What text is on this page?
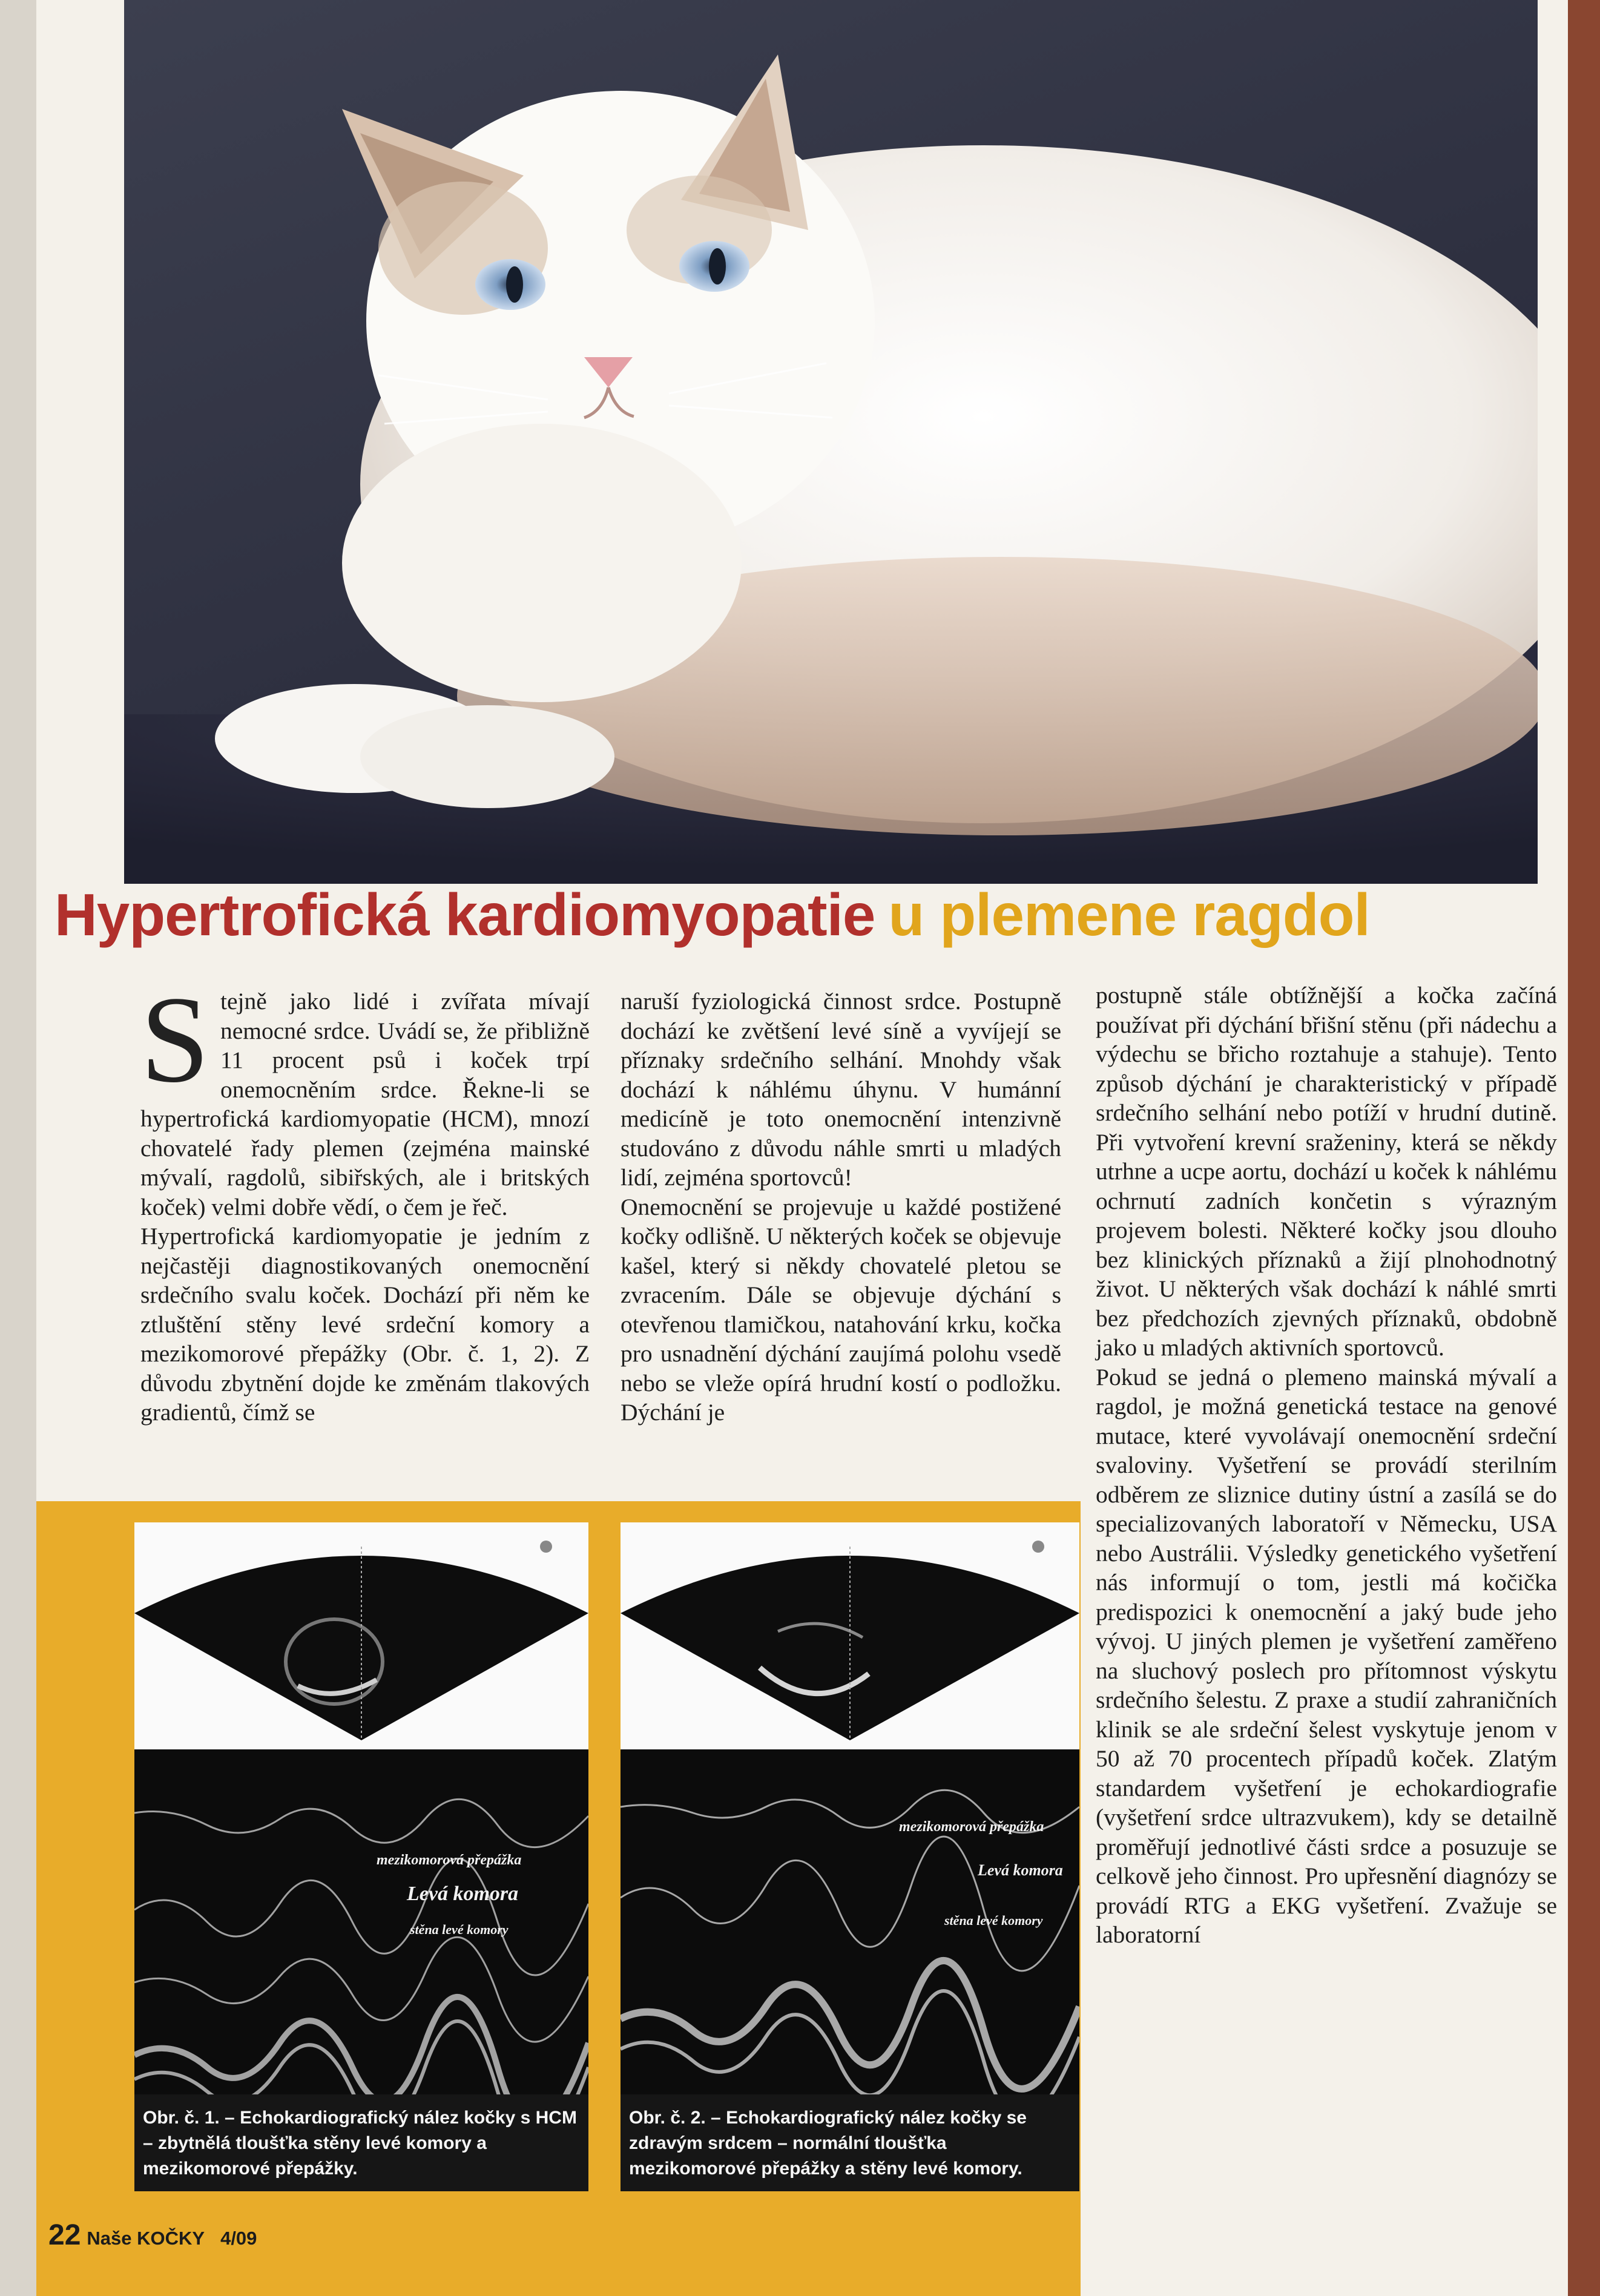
Hypertrofická kardiomyopatie u plemene ragdol

Stejně jako lidé i zvířata mívají nemocné srdce. Uvádí se, že přibližně 11 procent psů i koček trpí onemocněním srdce. Řekne-li se hypertrofická kardiomyopatie (HCM), mnozí chovatelé řady plemen (zejména mainské mývalí, ragdolů, sibiřských, ale i britských koček) velmi dobře vědí, o čem je řeč.

Hypertrofická kardiomyopatie je jedním z nejčastěji diagnostikovaných onemocnění srdečního svalu koček. Dochází při něm ke ztluštění stěny levé srdeční komory a mezikomorové přepážky (Obr. č. 1, 2). Z důvodu zbytnění dojde ke změnám tlakových gradientů, čímž se

naruší fyziologická činnost srdce. Postupně dochází ke zvětšení levé síně a vyvíjejí se příznaky srdečního selhání. Mnohdy však dochází k náhlému úhynu. V humánní medicíně je toto onemocnění intenzivně studováno z důvodu náhle smrti u mladých lidí, zejména sportovců!

Onemocnění se projevuje u každé postižené kočky odlišně. U některých koček se objevuje kašel, který si někdy chovatelé pletou se zvracením. Dále se objevuje dýchání s otevřenou tlamičkou, natahování krku, kočka pro usnadnění dýchání zaujímá polohu vsedě nebo se vleže opírá hrudní kostí o podložku. Dýchání je

postupně stále obtížnější a kočka začíná používat při dýchání břišní stěnu (při nádechu a výdechu se břicho roztahuje a stahuje). Tento způsob dýchání je charakteristický v případě srdečního selhání nebo potíží v hrudní dutině. Při vytvoření krevní sraženiny, která se někdy utrhne a ucpe aortu, dochází u koček k náhlému ochrnutí zadních končetin s výrazným projevem bolesti. Některé kočky jsou dlouho bez klinických příznaků a žijí plnohodnotný život. U některých však dochází k náhlé smrti bez předchozích zjevných příznaků, obdobně jako u mladých aktivních sportovců.

Pokud se jedná o plemeno mainská mývalí a ragdol, je možná genetická testace na genové mutace, které vyvolávají onemocnění srdeční svaloviny. Vyšetření se provádí sterilním odběrem ze sliznice dutiny ústní a zasílá se do specializovaných laboratoří v Německu, USA nebo Austrálii. Výsledky genetického vyšetření nás informují o tom, jestli má kočička predispozici k onemocnění a jaký bude jeho vývoj. U jiných plemen je vyšetření zaměřeno na sluchový poslech pro přítomnost výskytu srdečního šelestu. Z praxe a studií zahraničních klinik se ale srdeční šelest vyskytuje jenom v 50 až 70 procentech případů koček. Zlatým standardem vyšetření je echokardiografie (vyšetření srdce ultrazvukem), kdy se detailně proměřují jednotlivé části srdce a posuzuje se celkově jeho činnost. Pro upřesnění diagnózy se provádí RTG a EKG vyšetření. Zvažuje se laboratorní

mezikomorová přepážka
Levá komora
stěna levé komory
Obr. č. 1. – Echokardiografický nález kočky s HCM – zbytnělá tloušťka stěny levé komory a mezikomorové přepážky.
mezikomorová přepážka
Levá komora
stěna levé komory
Obr. č. 2. – Echokardiografický nález kočky se zdravým srdcem – normální tloušťka mezikomorové přepážky a stěny levé komory.
22 Naše KOČKY 4/09
